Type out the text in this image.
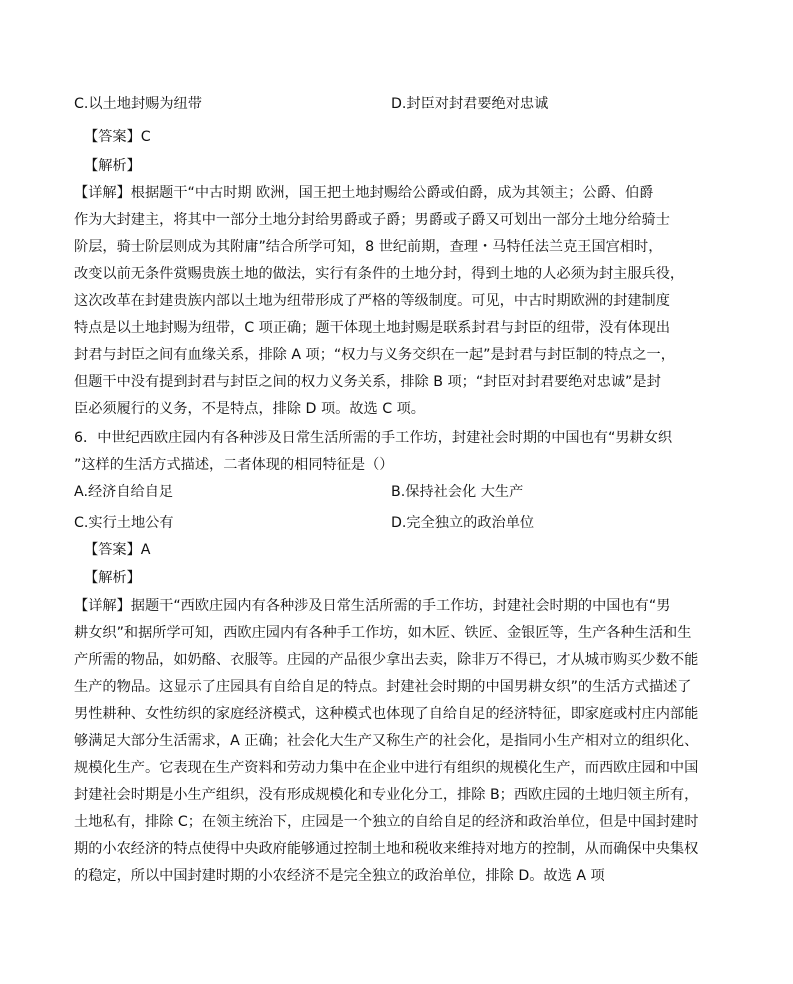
C.以土地封赐为纽带	D.封臣对封君要绝对忠诚
【答案】C
【解析】
【详解】根据题干“中古时期 欧洲，国王把土地封赐给公爵或伯爵，成为其领主；公爵、伯爵
作为大封建主，将其中一部分土地分封给男爵或子爵；男爵或子爵又可划出一部分土地分给骑士
阶层，骑士阶层则成为其附庸”结合所学可知，8 世纪前期，查理・马特任法兰克王国宫相时，
改变以前无条件赏赐贵族土地的做法，实行有条件的土地分封，得到土地的人必须为封主服兵役，
这次改革在封建贵族内部以土地为纽带形成了严格的等级制度。可见，中古时期欧洲的封建制度
特点是以土地封赐为纽带，C 项正确；题干体现土地封赐是联系封君与封臣的纽带，没有体现出
封君与封臣之间有血缘关系，排除 A 项；“权力与义务交织在一起”是封君与封臣制的特点之一，
但题干中没有提到封君与封臣之间的权力义务关系，排除 B 项；“封臣对封君要绝对忠诚”是封
臣必须履行的义务，不是特点，排除 D 项。故选 C 项。
6．中世纪西欧庄园内有各种涉及日常生活所需的手工作坊，封建社会时期的中国也有“男耕女织
”这样的生活方式描述，二者体现的相同特征是（）
A.经济自给自足	B.保持社会化 大生产
C.实行土地公有	D.完全独立的政治单位
【答案】A
【解析】
【详解】据题干“西欧庄园内有各种涉及日常生活所需的手工作坊，封建社会时期的中国也有“男
耕女织”和据所学可知，西欧庄园内有各种手工作坊，如木匠、铁匠、金银匠等，生产各种生活和生
产所需的物品，如奶酪、衣服等。庄园的产品很少拿出去卖，除非万不得已，才从城市购买少数不能
生产的物品。这显示了庄园具有自给自足的特点。封建社会时期的中国男耕女织”的生活方式描述了
男性耕种、女性纺织的家庭经济模式，这种模式也体现了自给自足的经济特征，即家庭或村庄内部能
够满足大部分生活需求，A 正确；社会化大生产又称生产的社会化，是指同小生产相对立的组织化、
规模化生产。它表现在生产资料和劳动力集中在企业中进行有组织的规模化生产，而西欧庄园和中国
封建社会时期是小生产组织，没有形成规模化和专业化分工，排除 B；西欧庄园的土地归领主所有，
土地私有，排除 C；在领主统治下，庄园是一个独立的自给自足的经济和政治单位，但是中国封建时
期的小农经济的特点使得中央政府能够通过控制土地和税收来维持对地方的控制，从而确保中央集权
的稳定，所以中国封建时期的小农经济不是完全独立的政治单位，排除 D。故选 A 项
